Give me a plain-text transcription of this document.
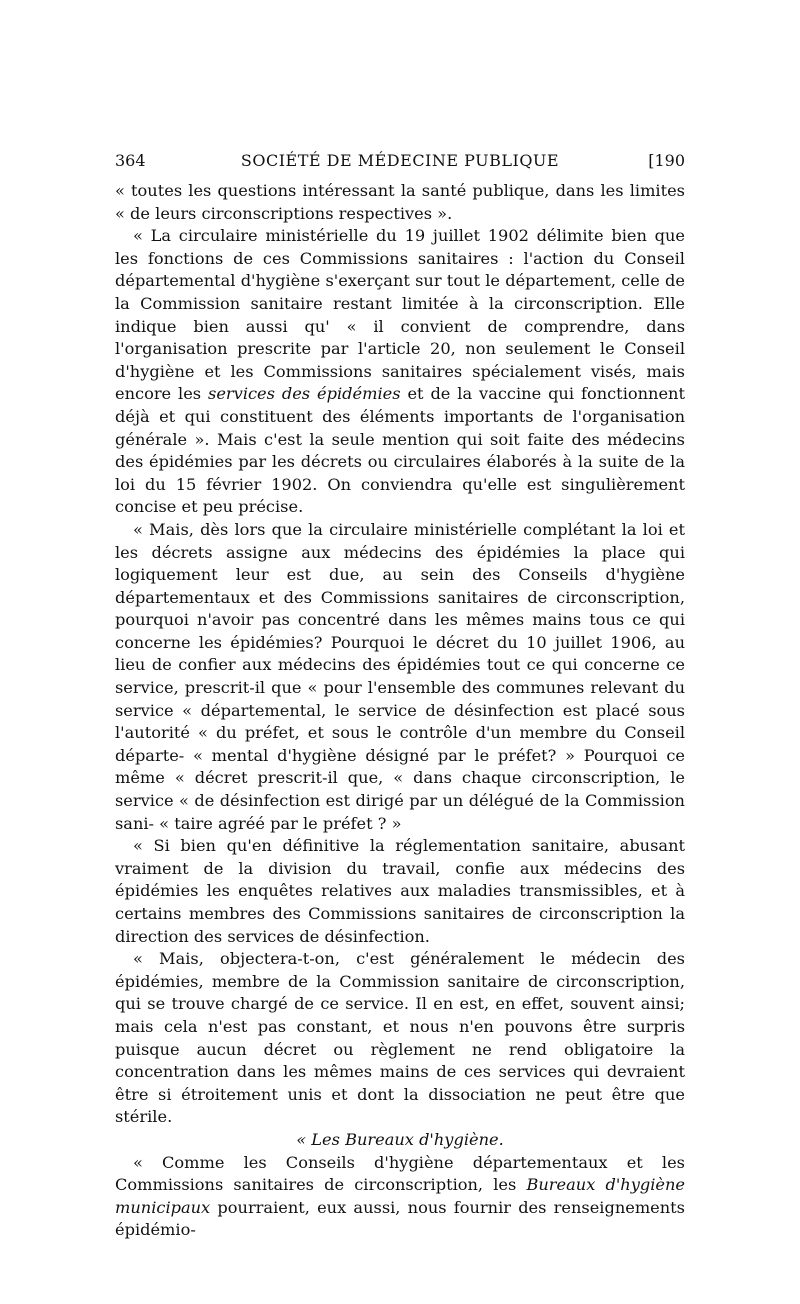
364	SOCIÉTÉ DE MÉDECINE PUBLIQUE	[190

« toutes les questions intéressant la santé publique, dans les limites « de leurs circonscriptions respectives ».

« La circulaire ministérielle du 19 juillet 1902 délimite bien que les fonctions de ces Commissions sanitaires : l'action du Conseil départemental d'hygiène s'exerçant sur tout le département, celle de la Commission sanitaire restant limitée à la circonscription. Elle indique bien aussi qu' « il convient de comprendre, dans l'organisation prescrite par l'article 20, non seulement le Conseil d'hygiène et les Commissions sanitaires spécialement visés, mais encore les services des épidémies et de la vaccine qui fonctionnent déjà et qui constituent des éléments importants de l'organisation générale ». Mais c'est la seule mention qui soit faite des médecins des épidémies par les décrets ou circulaires élaborés à la suite de la loi du 15 février 1902. On conviendra qu'elle est singulièrement concise et peu précise.

« Mais, dès lors que la circulaire ministérielle complétant la loi et les décrets assigne aux médecins des épidémies la place qui logiquement leur est due, au sein des Conseils d'hygiène départementaux et des Commissions sanitaires de circonscription, pourquoi n'avoir pas concentré dans les mêmes mains tous ce qui concerne les épidémies? Pourquoi le décret du 10 juillet 1906, au lieu de confier aux médecins des épidémies tout ce qui concerne ce service, prescrit-il que « pour l'ensemble des communes relevant du service « départemental, le service de désinfection est placé sous l'autorité « du préfet, et sous le contrôle d'un membre du Conseil départe- « mental d'hygiène désigné par le préfet? » Pourquoi ce même « décret prescrit-il que, « dans chaque circonscription, le service « de désinfection est dirigé par un délégué de la Commission sani- « taire agréé par le préfet ? »

« Si bien qu'en définitive la réglementation sanitaire, abusant vraiment de la division du travail, confie aux médecins des épidémies les enquêtes relatives aux maladies transmissibles, et à certains membres des Commissions sanitaires de circonscription la direction des services de désinfection.

« Mais, objectera-t-on, c'est généralement le médecin des épidémies, membre de la Commission sanitaire de circonscription, qui se trouve chargé de ce service. Il en est, en effet, souvent ainsi; mais cela n'est pas constant, et nous n'en pouvons être surpris puisque aucun décret ou règlement ne rend obligatoire la concentration dans les mêmes mains de ces services qui devraient être si étroitement unis et dont la dissociation ne peut être que stérile.

« Les Bureaux d'hygiène.

« Comme les Conseils d'hygiène départementaux et les Commissions sanitaires de circonscription, les Bureaux d'hygiène municipaux pourraient, eux aussi, nous fournir des renseignements épidémio-
